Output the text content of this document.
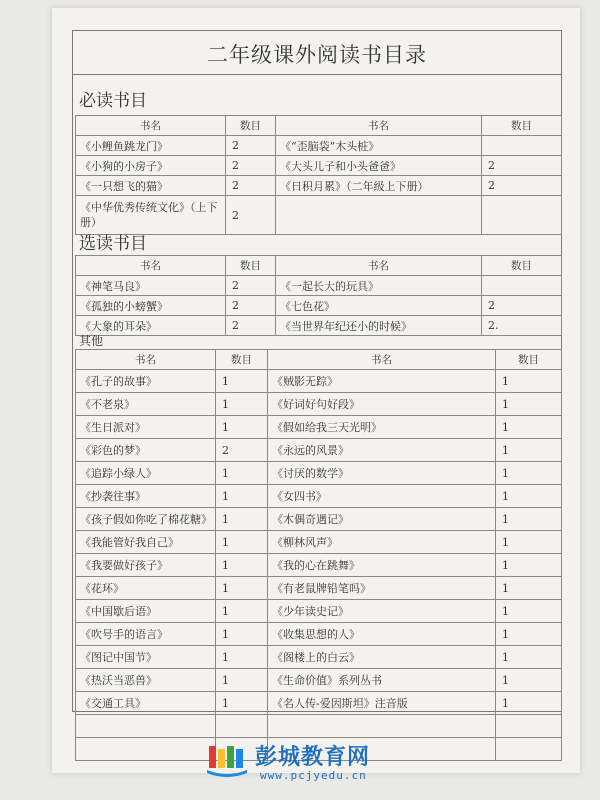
二年级课外阅读书目录
必读书目
书名	数目	书名	数目
《小鲤鱼跳龙门》	2	《“歪脑袋”木头桩》	
《小狗的小房子》	2	《大头儿子和小头爸爸》	2
《一只想飞的猫》	2	《日积月累》（二年级上下册）	2
《中华优秀传统文化》（上下册）	2		
选读书目
书名	数目	书名	数目
《神笔马良》	2	《一起长大的玩具》	
《孤独的小螃蟹》	2	《七色花》	2
《大象的耳朵》	2	《当世界年纪还小的时候》	2.
其他
书名	数目	书名	数目
《孔子的故事》	1	《贼影无踪》	1
《不老泉》	1	《好词好句好段》	1
《生日派对》	1	《假如给我三天光明》	1
《彩色的梦》	2	《永远的风景》	1
《追踪小绿人》	1	《讨厌的数学》	1
《抄袭往事》	1	《女四书》	1
《孩子假如你吃了棉花糖》	1	《木偶奇遇记》	1
《我能管好我自己》	1	《柳林风声》	1
《我要做好孩子》	1	《我的心在跳舞》	1
《花环》	1	《有老鼠牌铅笔吗》	1
《中国歇后语》	1	《少年读史记》	1
《吹号手的语言》	1	《收集思想的人》	1
《图记中国节》	1	《阁楼上的白云》	1
《热沃当恶兽》	1	《生命价值》系列丛书	1
《交通工具》	1	《名人传-爱因斯坦》注音版	1

彭城教育网
www.pcjyedu.cn
